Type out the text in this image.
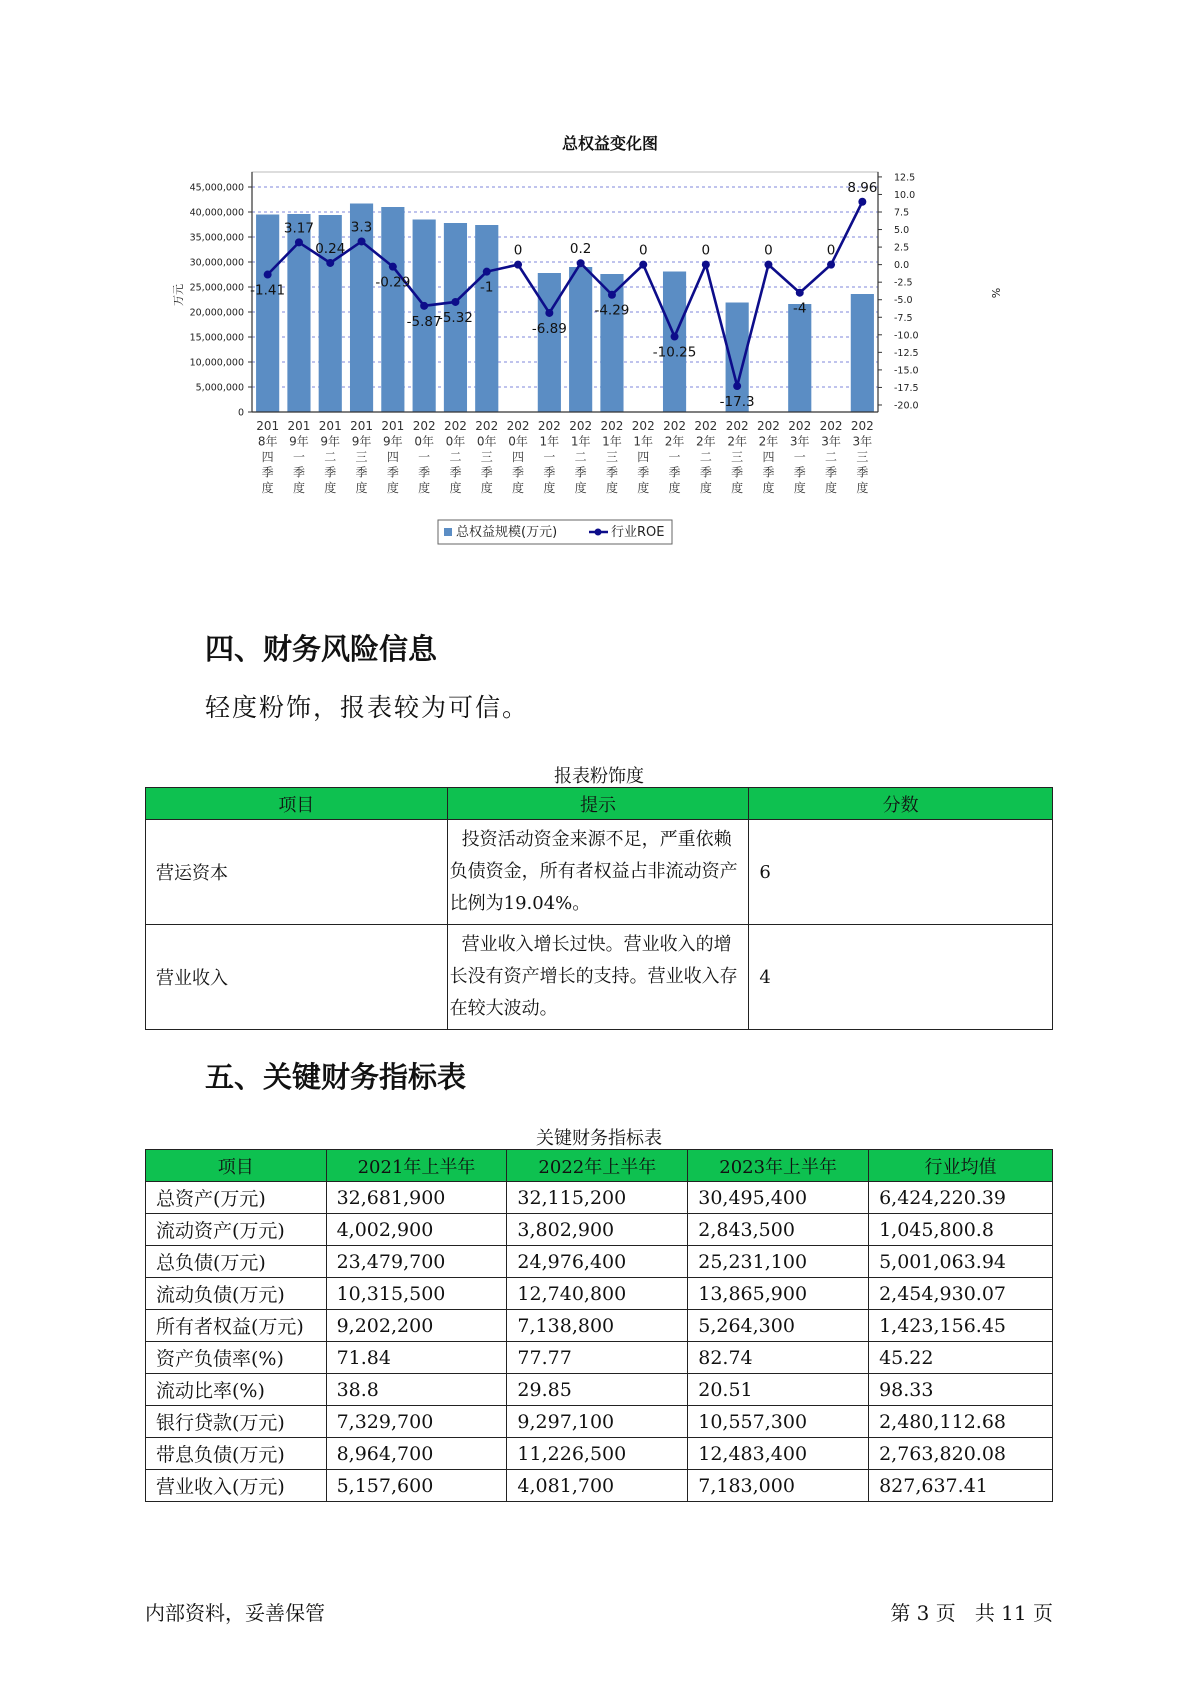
总权益变化图
0
5,000,000
10,000,000
15,000,000
20,000,000
25,000,000
30,000,000
35,000,000
40,000,000
45,000,000
12.5
10.0
7.5
5.0
2.5
0.0
-2.5
-5.0
-7.5
-10.0
-12.5
-15.0
-17.5
-20.0
-1.41
3.17
0.24
3.3
-0.29
-5.87
-5.32
-1
0
-6.89
0.2
-4.29
0
-10.25
0
-17.3
0
-4
0
8.96
201
8年
四
季
度
201
9年
一
季
度
201
9年
二
季
度
201
9年
三
季
度
201
9年
四
季
度
202
0年
一
季
度
202
0年
二
季
度
202
0年
三
季
度
202
0年
四
季
度
202
1年
一
季
度
202
1年
二
季
度
202
1年
三
季
度
202
1年
四
季
度
202
2年
一
季
度
202
2年
二
季
度
202
2年
三
季
度
202
2年
四
季
度
202
3年
一
季
度
202
3年
二
季
度
202
3年
三
季
度
万元	%
总权益规模(万元)	行业ROE
四、财务风险信息

轻度粉饰，报表较为可信。

报表粉饰度
项目	提示	分数
营运资本	投资活动资金来源不足，严重依赖负债资金，所有者权益占非流动资产比例为19.04%。	6
营业收入	营业收入增长过快。营业收入的增长没有资产增长的支持。营业收入存在较大波动。	4
五、关键财务指标表
关键财务指标表
项目	2021年上半年	2022年上半年	2023年上半年	行业均值
总资产(万元)	32,681,900	32,115,200	30,495,400	6,424,220.39
流动资产(万元)	4,002,900	3,802,900	2,843,500	1,045,800.8
总负债(万元)	23,479,700	24,976,400	25,231,100	5,001,063.94
流动负债(万元)	10,315,500	12,740,800	13,865,900	2,454,930.07
所有者权益(万元)	9,202,200	7,138,800	5,264,300	1,423,156.45
资产负债率(%)	71.84	77.77	82.74	45.22
流动比率(%)	38.8	29.85	20.51	98.33
银行贷款(万元)	7,329,700	9,297,100	10,557,300	2,480,112.68
带息负债(万元)	8,964,700	11,226,500	12,483,400	2,763,820.08
营业收入(万元)	5,157,600	4,081,700	7,183,000	827,637.41
内部资料，妥善保管	第 3 页   共 11 页
